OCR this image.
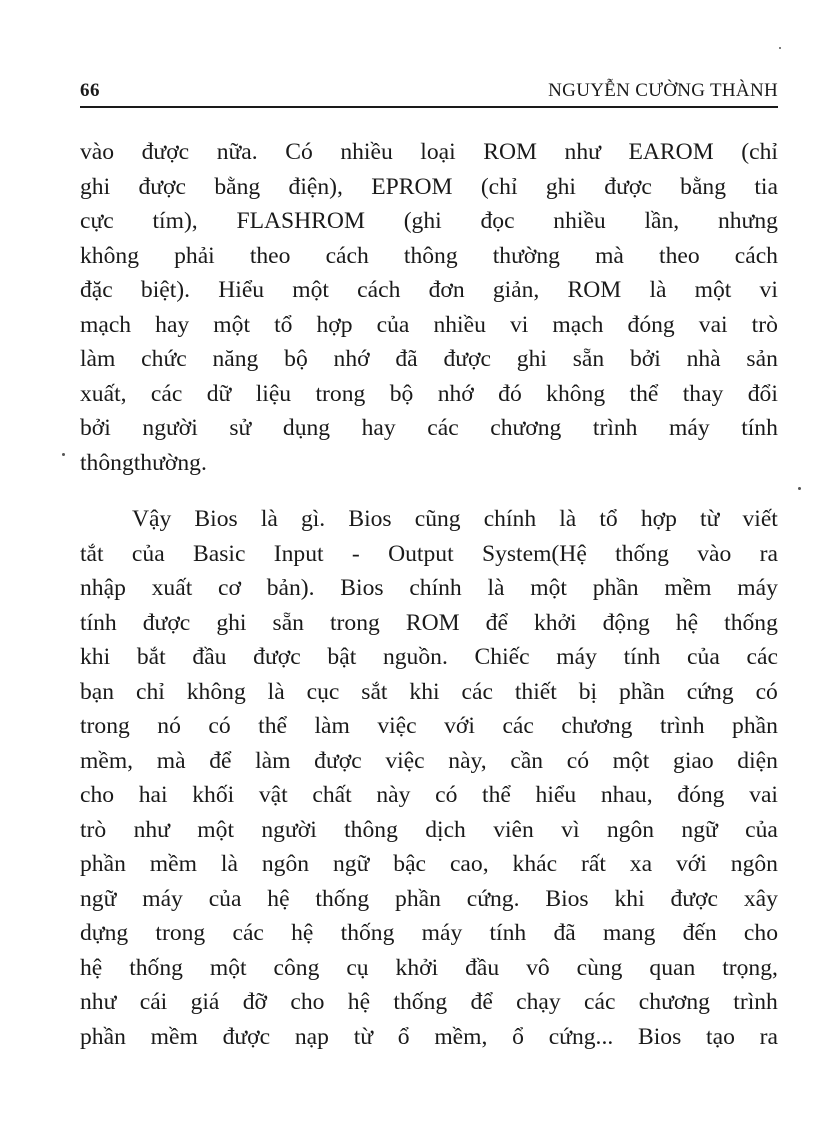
66	NGUYỄN CƯỜNG THÀNH
vào được nữa. Có nhiều loại ROM như EAROM (chỉ
ghi được bằng điện), EPROM (chỉ ghi được bằng tia
cực tím), FLASHROM (ghi đọc nhiều lần, nhưng
không phải theo cách thông thường mà theo cách
đặc biệt). Hiểu một cách đơn giản, ROM là một vi
mạch hay một tổ hợp của nhiều vi mạch đóng vai trò
làm chức năng bộ nhớ đã được ghi sẵn bởi nhà sản
xuất, các dữ liệu trong bộ nhớ đó không thể thay đổi
bởi người sử dụng hay các chương trình máy tính
thông thường.
Vậy Bios là gì. Bios cũng chính là tổ hợp từ viết
tắt của Basic Input - Output System(Hệ thống vào ra
nhập xuất cơ bản). Bios chính là một phần mềm máy
tính được ghi sẵn trong ROM để khởi động hệ thống
khi bắt đầu được bật nguồn. Chiếc máy tính của các
bạn chỉ không là cục sắt khi các thiết bị phần cứng có
trong nó có thể làm việc với các chương trình phần
mềm, mà để làm được việc này, cần có một giao diện
cho hai khối vật chất này có thể hiểu nhau, đóng vai
trò như một người thông dịch viên vì ngôn ngữ của
phần mềm là ngôn ngữ bậc cao, khác rất xa với ngôn
ngữ máy của hệ thống phần cứng. Bios khi được xây
dựng trong các hệ thống máy tính đã mang đến cho
hệ thống một công cụ khởi đầu vô cùng quan trọng,
như cái giá đỡ cho hệ thống để chạy các chương trình
phần mềm được nạp từ ổ mềm, ổ cứng... Bios tạo ra
